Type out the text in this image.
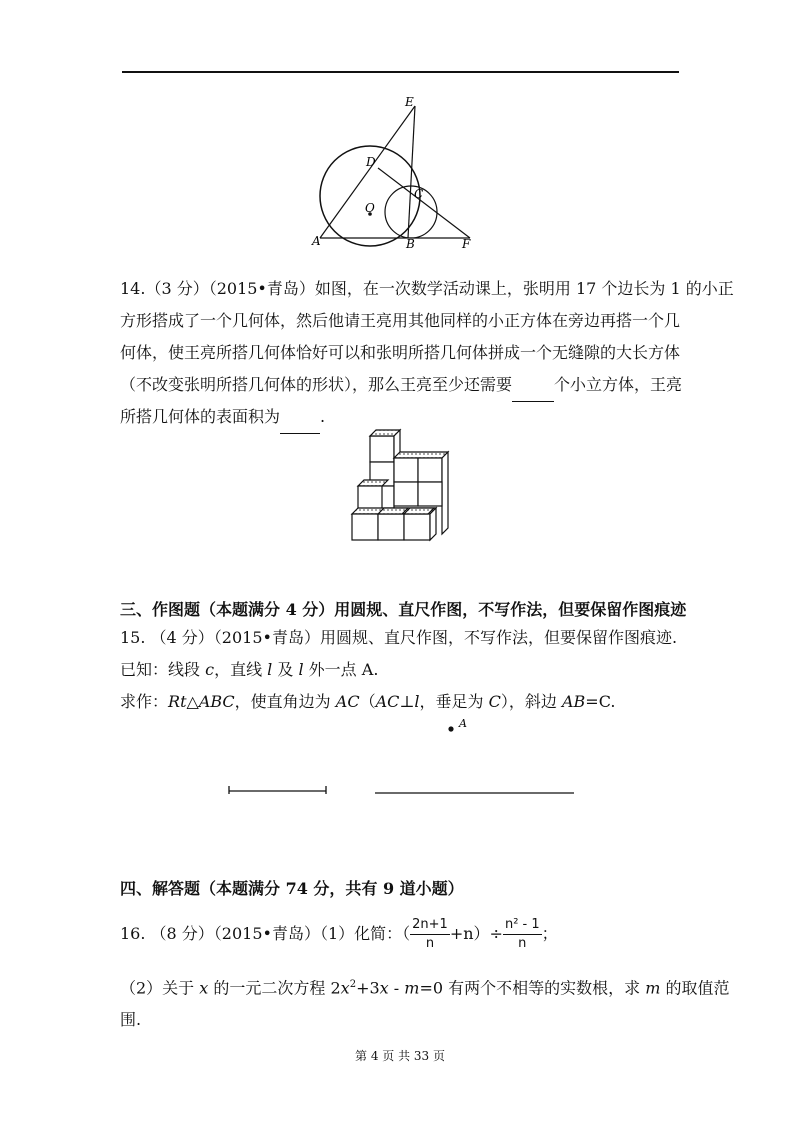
E
D
C
O
A	B	F
14.（3 分）（2015•青岛）如图，在一次数学活动课上，张明用 17 个边长为 1 的小正
方形搭成了一个几何体，然后他请王亮用其他同样的小正方体在旁边再搭一个几
何体，使王亮所搭几何体恰好可以和张明所搭几何体拼成一个无缝隙的大长方体
（不改变张明所搭几何体的形状），那么王亮至少还需要	个小立方体，王亮
所搭几何体的表面积为	.
三、作图题（本题满分 4 分）用圆规、直尺作图，不写作法，但要保留作图痕迹
15. （4 分）（2015•青岛）用圆规、直尺作图，不写作法，但要保留作图痕迹.
已知：线段 c，直线 l 及 l 外一点 A.
求作：Rt△ABC，使直角边为 AC（AC⊥l，垂足为 C），斜边 AB=C.
A
四、解答题（本题满分 74 分，共有 9 道小题）
16. （8 分）（2015•青岛）（1）化简：（ $\frac{2n+1}{n} +n)\div \frac{\text{n² - 1}}{n}$ ；
（2）关于 x 的一元二次方程 $2x^2+3x - m=0$ 有两个不相等的实数根，求 m 的取值范
围.
第 4 页 共 33 页
